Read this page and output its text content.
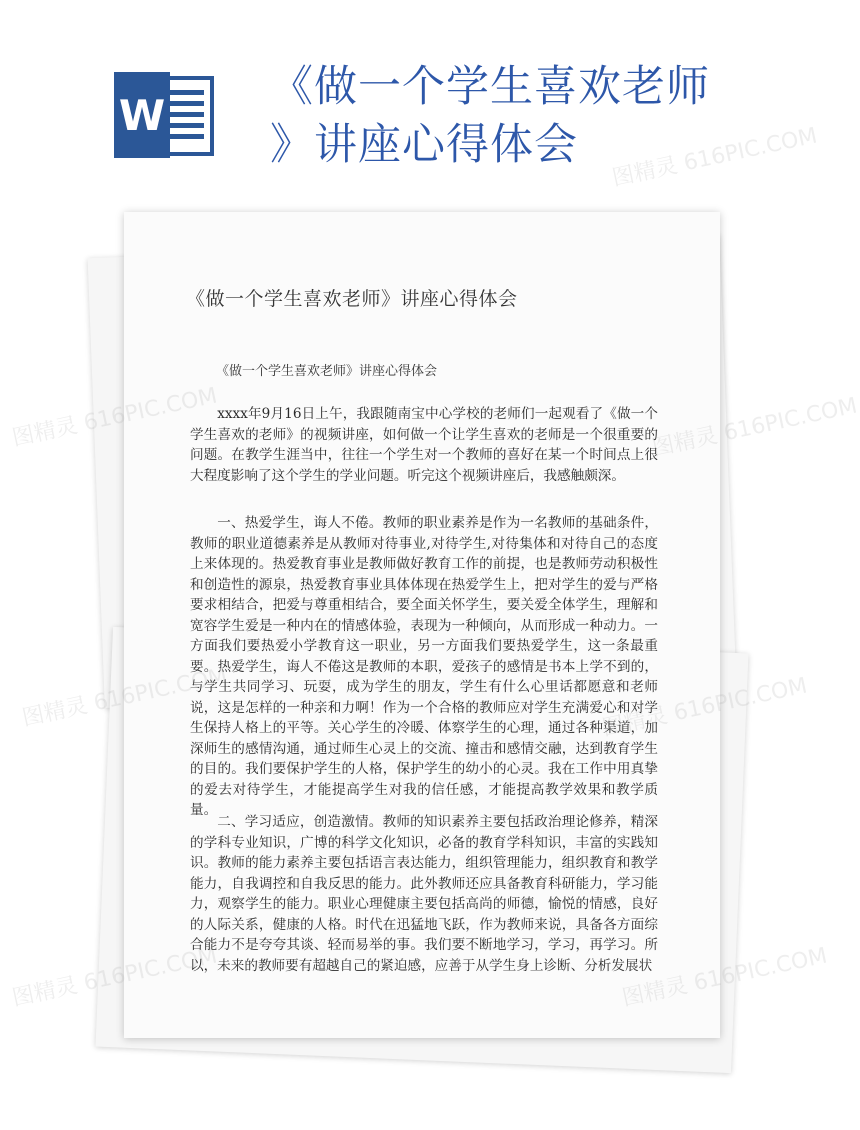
W
《做一个学生喜欢老师
》讲座心得体会
《做一个学生喜欢老师》讲座心得体会
《做一个学生喜欢老师》讲座心得体会

xxxx年9月16日上午，我跟随南宝中心学校的老师们一起观看了《做一个学生喜欢的老师》的视频讲座，如何做一个让学生喜欢的老师是一个很重要的问题。在教学生涯当中，往往一个学生对一个教师的喜好在某一个时间点上很大程度影响了这个学生的学业问题。听完这个视频讲座后，我感触颇深。

一、热爱学生，诲人不倦。教师的职业素养是作为一名教师的基础条件，教师的职业道德素养是从教师对待事业,对待学生,对待集体和对待自己的态度上来体现的。热爱教育事业是教师做好教育工作的前提，也是教师劳动积极性和创造性的源泉，热爱教育事业具体体现在热爱学生上，把对学生的爱与严格要求相结合，把爱与尊重相结合，要全面关怀学生，要关爱全体学生，理解和宽容学生爱是一种内在的情感体验，表现为一种倾向，从而形成一种动力。一方面我们要热爱小学教育这一职业，另一方面我们要热爱学生，这一条最重要。热爱学生，诲人不倦这是教师的本职，爱孩子的感情是书本上学不到的，与学生共同学习、玩耍，成为学生的朋友，学生有什么心里话都愿意和老师说，这是怎样的一种亲和力啊！作为一个合格的教师应对学生充满爱心和对学生保持人格上的平等。关心学生的冷暖、体察学生的心理，通过各种渠道，加深师生的感情沟通，通过师生心灵上的交流、撞击和感情交融，达到教育学生的目的。我们要保护学生的人格，保护学生的幼小的心灵。我在工作中用真挚的爱去对待学生，才能提高学生对我的信任感，才能提高教学效果和教学质量。

二、学习适应，创造激情。教师的知识素养主要包括政治理论修养，精深的学科专业知识，广博的科学文化知识，必备的教育学科知识，丰富的实践知识。教师的能力素养主要包括语言表达能力，组织管理能力，组织教育和教学能力，自我调控和自我反思的能力。此外教师还应具备教育科研能力，学习能力，观察学生的能力。职业心理健康主要包括高尚的师德，愉悦的情感，良好的人际关系，健康的人格。时代在迅猛地飞跃，作为教师来说，具备各方面综合能力不是夸夸其谈、轻而易举的事。我们要不断地学习，学习，再学习。所以，未来的教师要有超越自己的紧迫感，应善于从学生身上诊断、分析发展状

图精灵 616PIC.COM
图精灵	图精灵 616PIC.COM
图精灵
图精灵	616PIC.COM
